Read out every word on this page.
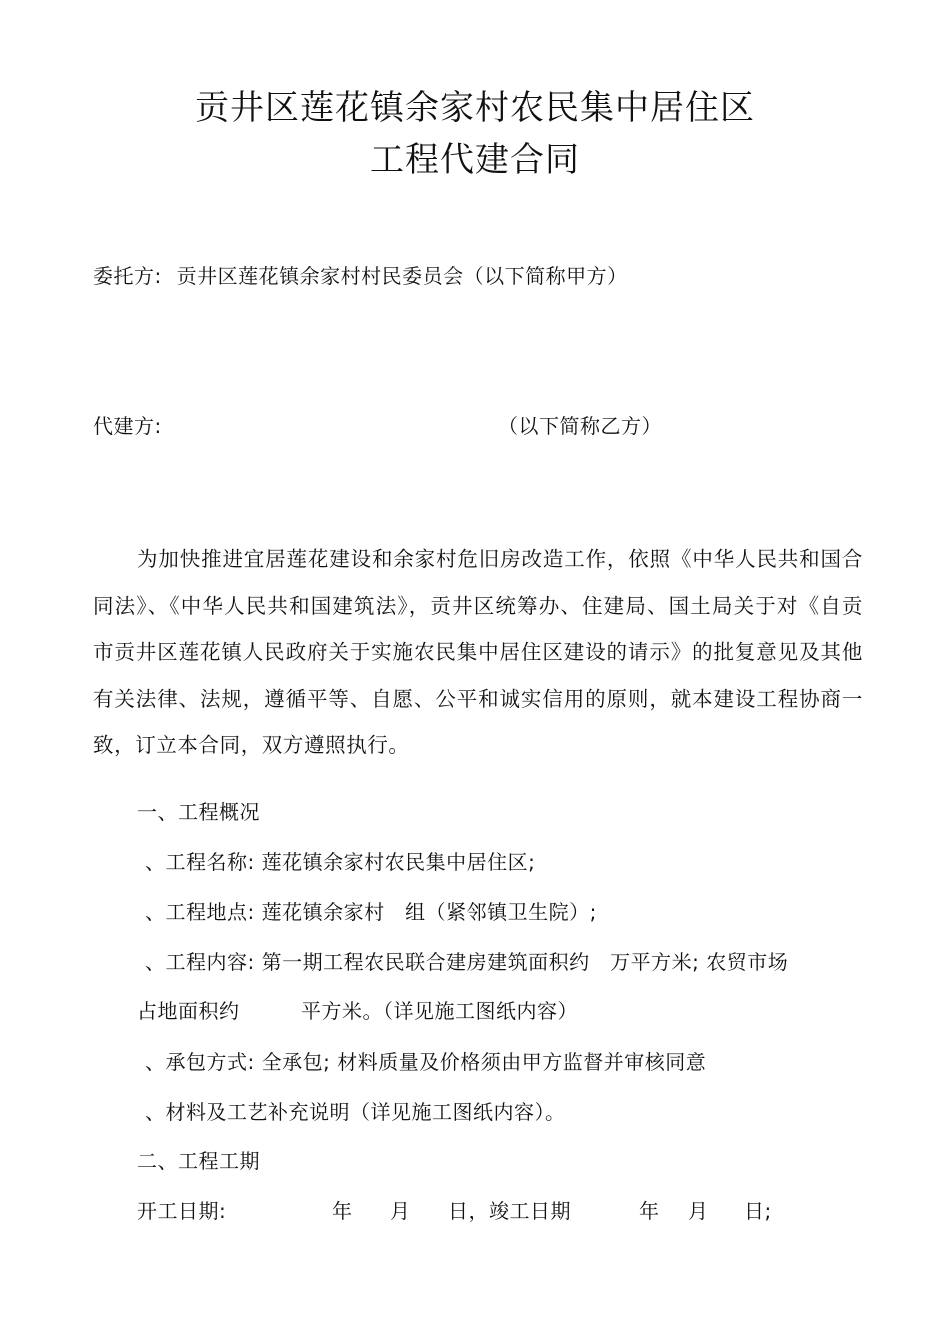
贡井区莲花镇余家村农民集中居住区
工程代建合同
委托方: 贡井区莲花镇余家村村民委员会（以下简称甲方）
代建方:	（以下简称乙方）
为加快推进宜居莲花建设和余家村危旧房改造工作，依照《中华人民共和国合同法》、《中华人民共和国建筑法》，贡井区统筹办、住建局、国土局关于对《自贡市贡井区莲花镇人民政府关于实施农民集中居住区建设的请示》的批复意见及其他有关法律、法规，遵循平等、自愿、公平和诚实信用的原则，就本建设工程协商一致，订立本合同，双方遵照执行。
一、工程概况
、工程名称: 莲花镇余家村农民集中居住区;
、工程地点: 莲花镇余家村　组（紧邻镇卫生院）;
、工程内容: 第一期工程农民联合建房建筑面积约　万平方米; 农贸市场
占地面积约　　　平方米。（详见施工图纸内容）
、承包方式: 全承包; 材料质量及价格须由甲方监督并审核同意
、材料及工艺补充说明（详见施工图纸内容）。
二、工程工期
开工日期:	年 月 日，竣工日期	年 月 日;
